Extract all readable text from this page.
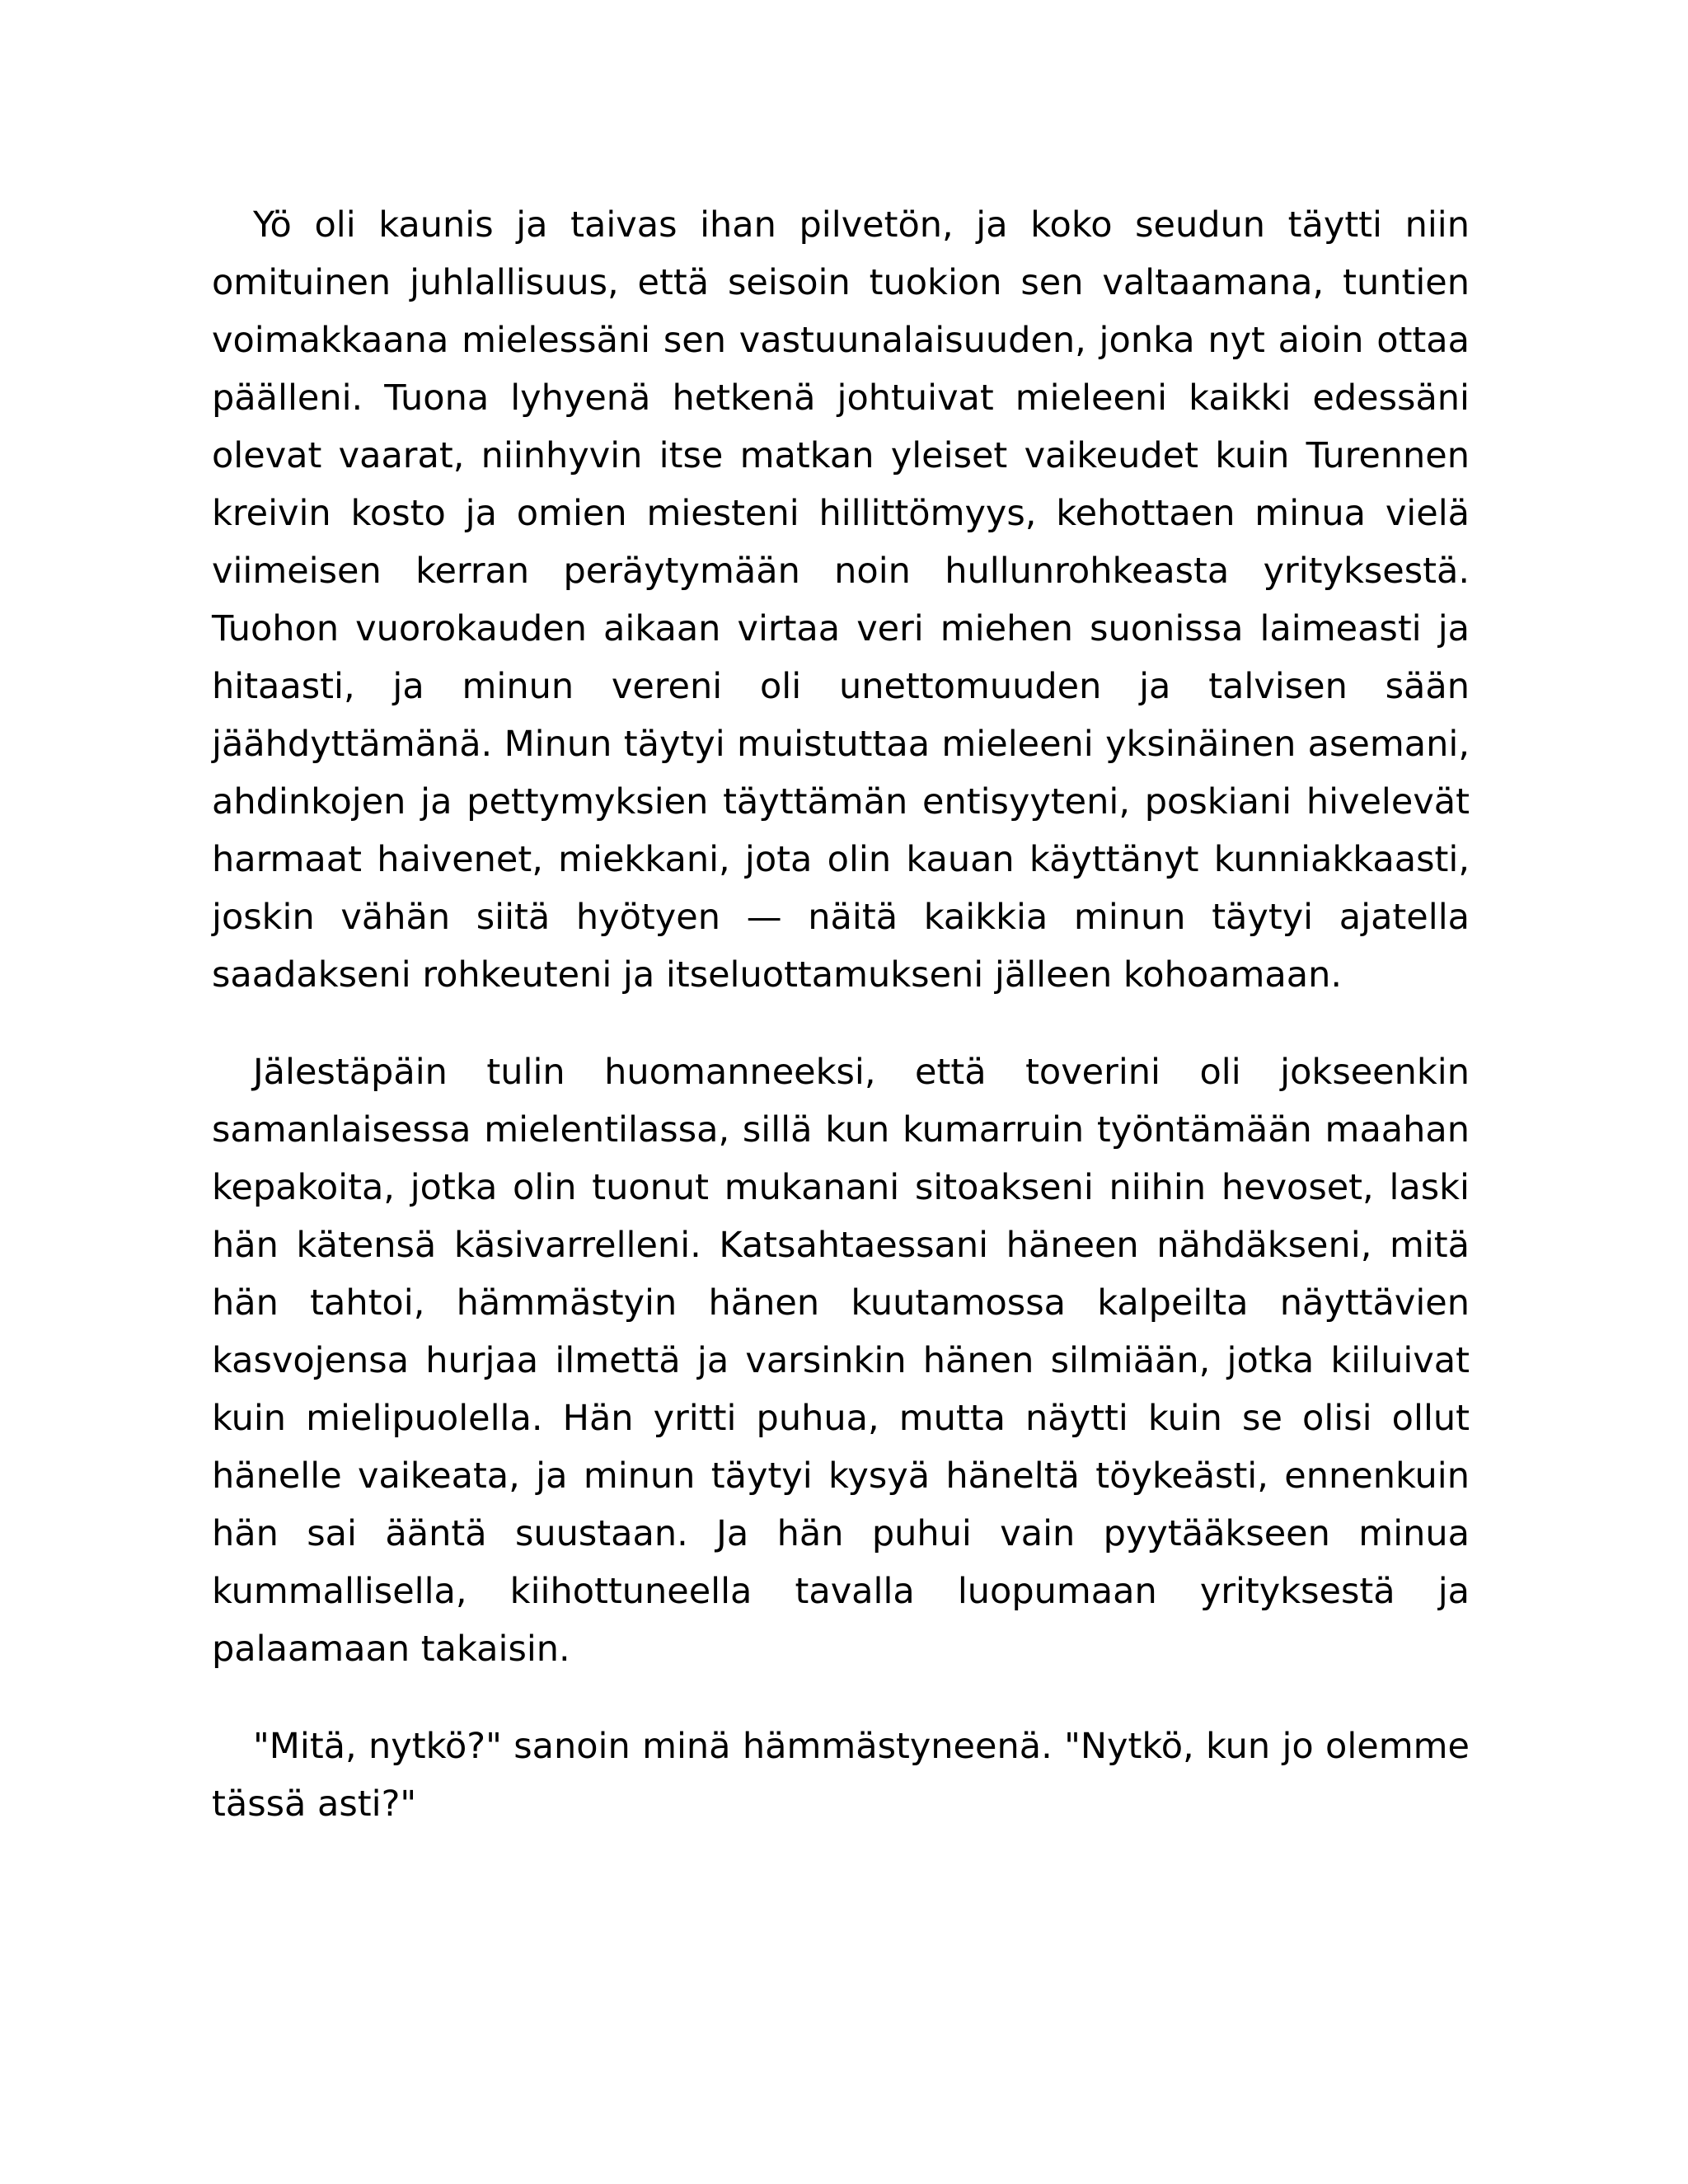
Yö oli kaunis ja taivas ihan pilvetön, ja koko seudun täytti niin omituinen juhlallisuus, että seisoin tuokion sen valtaamana, tuntien voimakkaana mielessäni sen vastuunalaisuuden, jonka nyt aioin ottaa päälleni. Tuona lyhyenä hetkenä johtuivat mieleeni kaikki edessäni olevat vaarat, niinhyvin itse matkan yleiset vaikeudet kuin Turennen kreivin kosto ja omien miesteni hillittömyys, kehottaen minua vielä viimeisen kerran peräytymään noin hullunrohkeasta yrityksestä. Tuohon vuorokauden aikaan virtaa veri miehen suonissa laimeasti ja hitaasti, ja minun vereni oli unettomuuden ja talvisen sään jäähdyttämänä. Minun täytyi muistuttaa mieleeni yksinäinen asemani, ahdinkojen ja pettymyksien täyttämän entisyyteni, poskiani hivelevät harmaat haivenet, miekkani, jota olin kauan käyttänyt kunniakkaasti, joskin vähän siitä hyötyen — näitä kaikkia minun täytyi ajatella saadakseni rohkeuteni ja itseluottamukseni jälleen kohoamaan.

Jälestäpäin tulin huomanneeksi, että toverini oli jokseenkin samanlaisessa mielentilassa, sillä kun kumarruin työntämään maahan kepakoita, jotka olin tuonut mukanani sitoakseni niihin hevoset, laski hän kätensä käsivarrelleni. Katsahtaessani häneen nähdäkseni, mitä hän tahtoi, hämmästyin hänen kuutamossa kalpeilta näyttävien kasvojensa hurjaa ilmettä ja varsinkin hänen silmiään, jotka kiiluivat kuin mielipuolella. Hän yritti puhua, mutta näytti kuin se olisi ollut hänelle vaikeata, ja minun täytyi kysyä häneltä töykeästi, ennenkuin hän sai ääntä suustaan. Ja hän puhui vain pyytääkseen minua kummallisella, kiihottuneella tavalla luopumaan yrityksestä ja palaamaan takaisin.

"Mitä, nytkö?" sanoin minä hämmästyneenä. "Nytkö, kun jo olemme tässä asti?"
